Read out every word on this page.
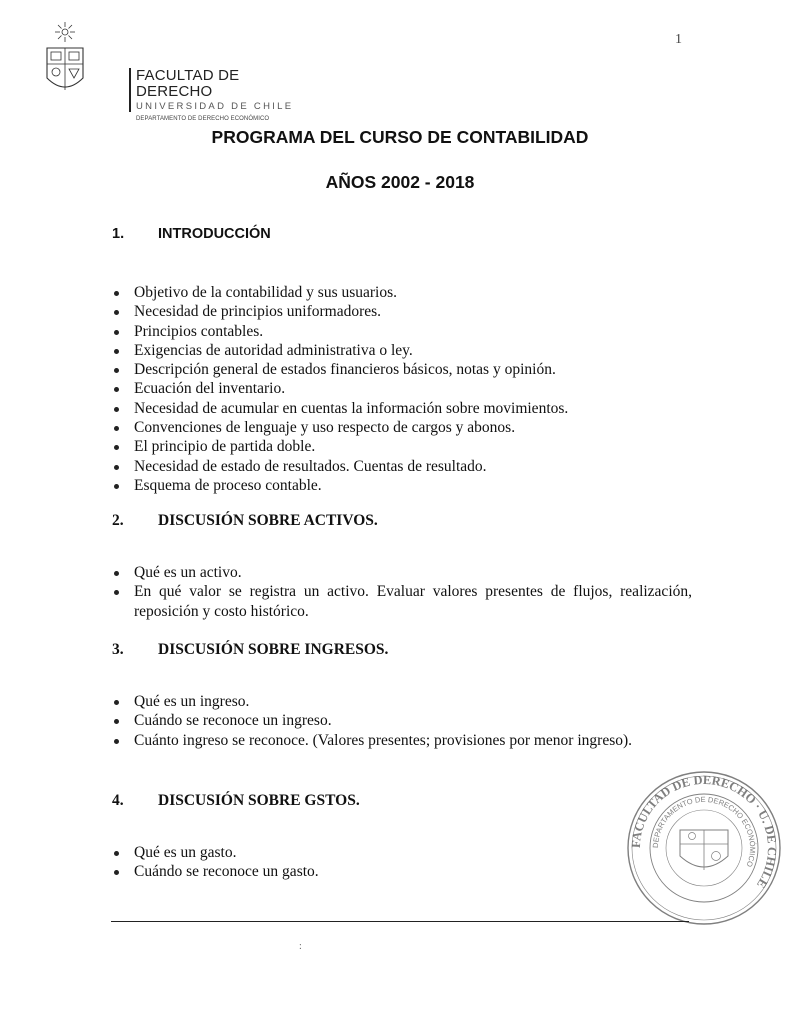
1
FACULTAD DE DERECHO
UNIVERSIDAD DE CHILE
DEPARTAMENTO DE DERECHO ECONÓMICO
PROGRAMA DEL CURSO DE CONTABILIDAD
AÑOS 2002 - 2018
1.	INTRODUCCIÓN
Objetivo de la contabilidad y sus usuarios.
Necesidad de principios uniformadores.
Principios contables.
Exigencias de autoridad administrativa o ley.
Descripción general de estados financieros básicos, notas y opinión.
Ecuación del inventario.
Necesidad de acumular en cuentas la información sobre movimientos.
Convenciones de lenguaje y uso respecto de cargos y abonos.
El principio de partida doble.
Necesidad de estado de resultados. Cuentas de resultado.
Esquema de proceso contable.
2.	DISCUSIÓN SOBRE ACTIVOS.
Qué es un activo.
En qué valor se registra un activo. Evaluar valores presentes de flujos, realización, reposición y costo histórico.
3.	DISCUSIÓN SOBRE INGRESOS.
Qué es un ingreso.
Cuándo se reconoce un ingreso.
Cuánto ingreso se reconoce. (Valores presentes; provisiones por menor ingreso).
4.	DISCUSIÓN SOBRE GSTOS.
Qué es un gasto.
Cuándo se reconoce un gasto.
FACULTAD DE DERECHO · U. DE CHILE
DEPARTAMENTO DE DERECHO ECONÓMICO
:
